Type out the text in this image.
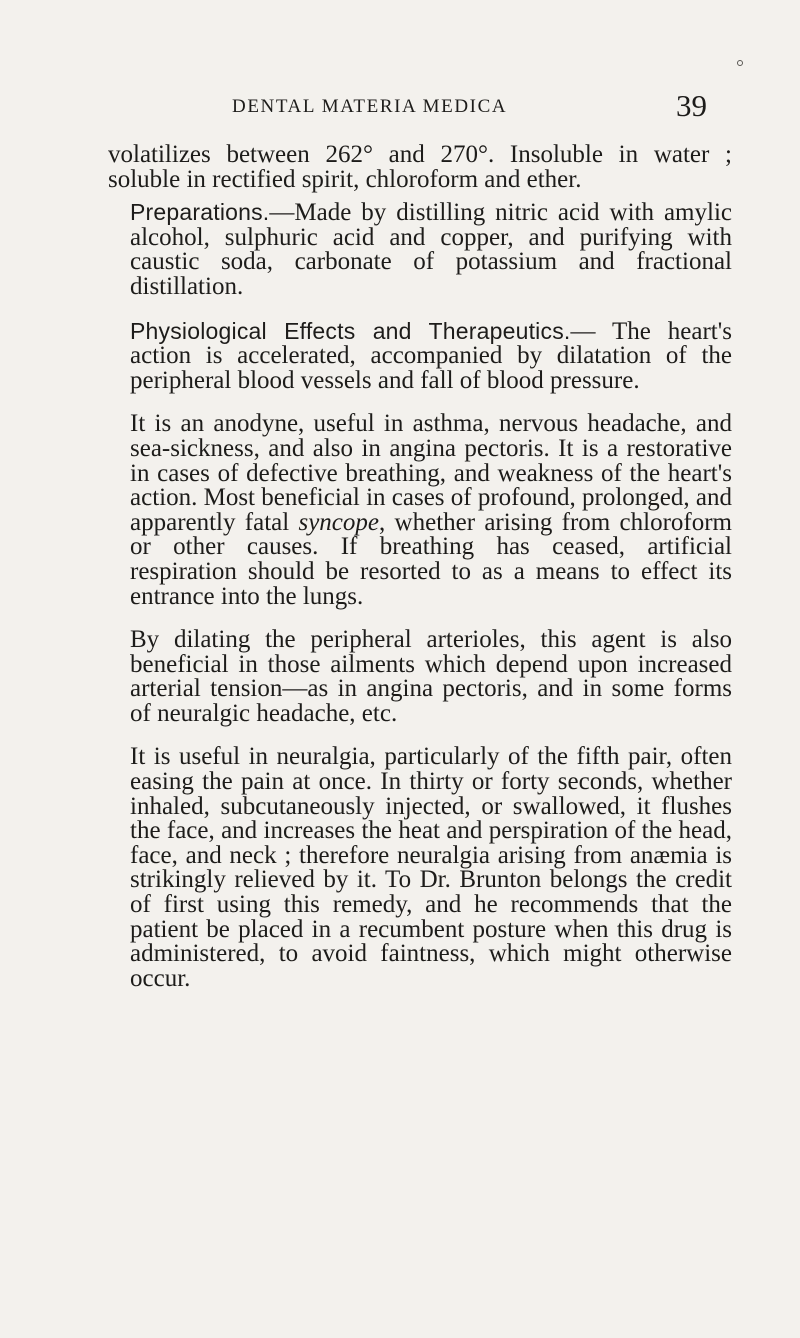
DENTAL MATERIA MEDICA	39

volatilizes between 262° and 270°. Insoluble in water ; soluble in rectified spirit, chloroform and ether.

Preparations.—Made by distilling nitric acid with amylic alcohol, sulphuric acid and copper, and purifying with caustic soda, carbonate of potassium and fractional distillation.

Physiological Effects and Therapeutics.— The heart's action is accelerated, accompanied by dilatation of the peripheral blood vessels and fall of blood pressure.

It is an anodyne, useful in asthma, nervous headache, and sea-sickness, and also in angina pectoris. It is a restorative in cases of defective breathing, and weakness of the heart's action. Most beneficial in cases of profound, prolonged, and apparently fatal syncope, whether arising from chloroform or other causes. If breathing has ceased, artificial respiration should be resorted to as a means to effect its entrance into the lungs.

By dilating the peripheral arterioles, this agent is also beneficial in those ailments which depend upon increased arterial tension—as in angina pectoris, and in some forms of neuralgic headache, etc.

It is useful in neuralgia, particularly of the fifth pair, often easing the pain at once. In thirty or forty seconds, whether inhaled, subcutaneously injected, or swallowed, it flushes the face, and increases the heat and perspiration of the head, face, and neck ; therefore neuralgia arising from anæmia is strikingly relieved by it. To Dr. Brunton belongs the credit of first using this remedy, and he recommends that the patient be placed in a recumbent posture when this drug is administered, to avoid faintness, which might otherwise occur.
